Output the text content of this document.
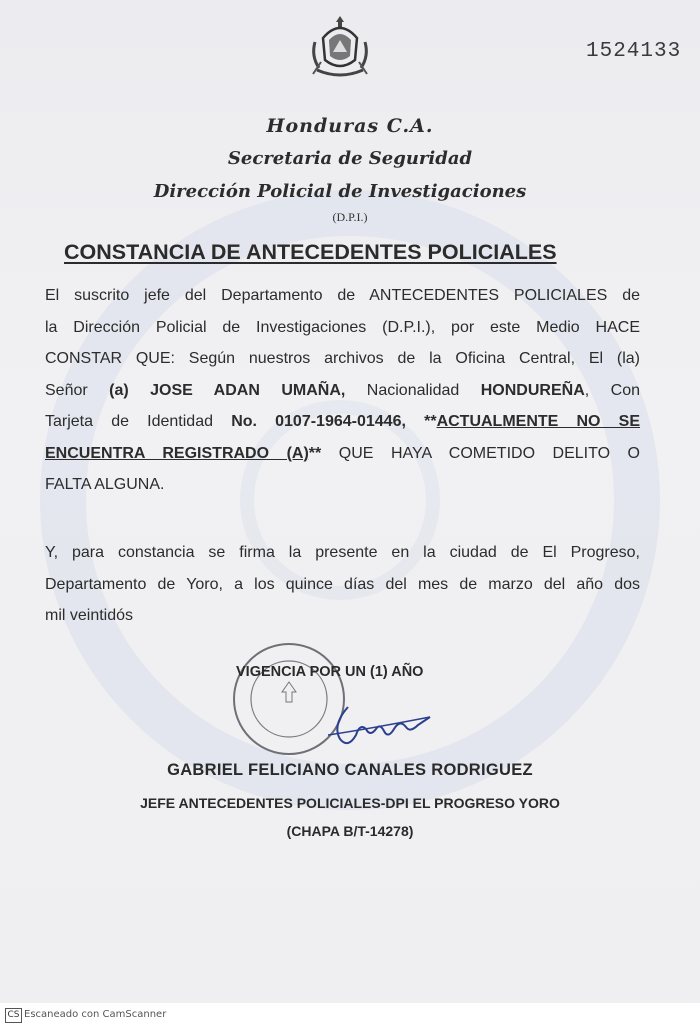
1524133
Honduras C.A.
Secretaria de Seguridad
Dirección Policial de Investigaciones
(D.P.I.)
CONSTANCIA DE ANTECEDENTES POLICIALES
El suscrito jefe del Departamento de ANTECEDENTES POLICIALES de
la Dirección Policial de Investigaciones (D.P.I.), por este Medio HACE
CONSTAR QUE: Según nuestros archivos de la Oficina Central, El (la)
Señor (a) JOSE ADAN UMAÑA, Nacionalidad HONDUREÑA, Con
Tarjeta de Identidad No. 0107-1964-01446, **ACTUALMENTE NO SE
ENCUENTRA REGISTRADO (A)** QUE HAYA COMETIDO DELITO O
FALTA ALGUNA.
Y, para constancia se firma la presente en la ciudad de El Progreso,
Departamento de Yoro, a los quince días del mes de marzo del año dos
mil veintidós
VIGENCIA POR UN (1) AÑO
GABRIEL FELICIANO CANALES RODRIGUEZ
JEFE ANTECEDENTES POLICIALES-DPI EL PROGRESO YORO
(CHAPA B/T-14278)
CS Escaneado con CamScanner
